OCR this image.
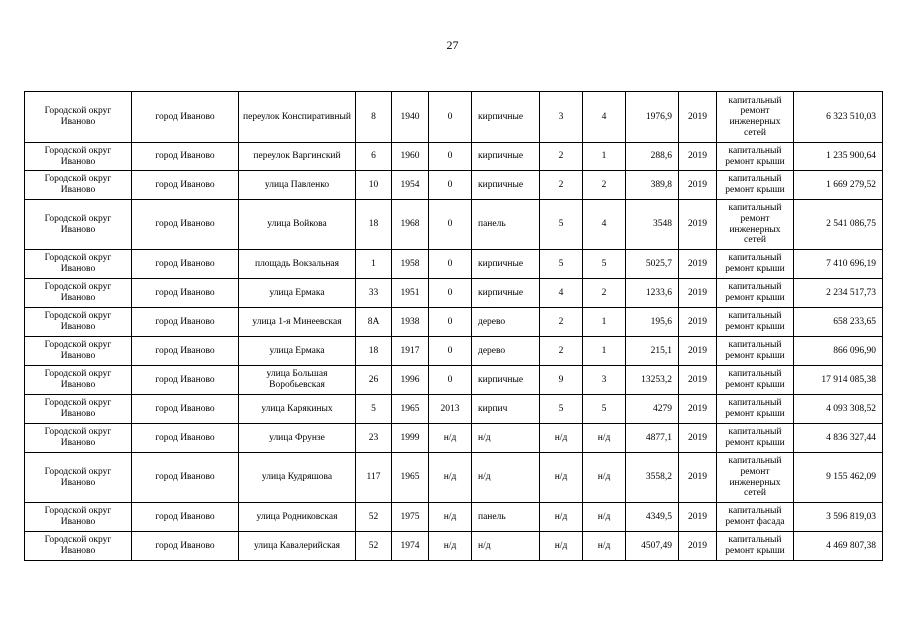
27
Городской округ Иваново	город Иваново	переулок Конспиративный	8	1940	0	кирпичные	3	4	1976,9	2019	капитальный ремонт инженерных сетей	6 323 510,03
Городской округ Иваново	город Иваново	переулок Варгинский	6	1960	0	кирпичные	2	1	288,6	2019	капитальный ремонт крыши	1 235 900,64
Городской округ Иваново	город Иваново	улица Павленко	10	1954	0	кирпичные	2	2	389,8	2019	капитальный ремонт крыши	1 669 279,52
Городской округ Иваново	город Иваново	улица Войкова	18	1968	0	панель	5	4	3548	2019	капитальный ремонт инженерных сетей	2 541 086,75
Городской округ Иваново	город Иваново	площадь Вокзальная	1	1958	0	кирпичные	5	5	5025,7	2019	капитальный ремонт крыши	7 410 696,19
Городской округ Иваново	город Иваново	улица Ермака	33	1951	0	кирпичные	4	2	1233,6	2019	капитальный ремонт крыши	2 234 517,73
Городской округ Иваново	город Иваново	улица 1-я Минеевская	8А	1938	0	дерево	2	1	195,6	2019	капитальный ремонт крыши	658 233,65
Городской округ Иваново	город Иваново	улица Ермака	18	1917	0	дерево	2	1	215,1	2019	капитальный ремонт крыши	866 096,90
Городской округ Иваново	город Иваново	улица Большая Воробьевская	26	1996	0	кирпичные	9	3	13253,2	2019	капитальный ремонт крыши	17 914 085,38
Городской округ Иваново	город Иваново	улица Карякиных	5	1965	2013	кирпич	5	5	4279	2019	капитальный ремонт крыши	4 093 308,52
Городской округ Иваново	город Иваново	улица Фрунзе	23	1999	н/д	н/д	н/д	н/д	4877,1	2019	капитальный ремонт крыши	4 836 327,44
Городской округ Иваново	город Иваново	улица Кудряшова	117	1965	н/д	н/д	н/д	н/д	3558,2	2019	капитальный ремонт инженерных сетей	9 155 462,09
Городской округ Иваново	город Иваново	улица Родниковская	52	1975	н/д	панель	н/д	н/д	4349,5	2019	капитальный ремонт фасада	3 596 819,03
Городской округ Иваново	город Иваново	улица Кавалерийская	52	1974	н/д	н/д	н/д	н/д	4507,49	2019	капитальный ремонт крыши	4 469 807,38
